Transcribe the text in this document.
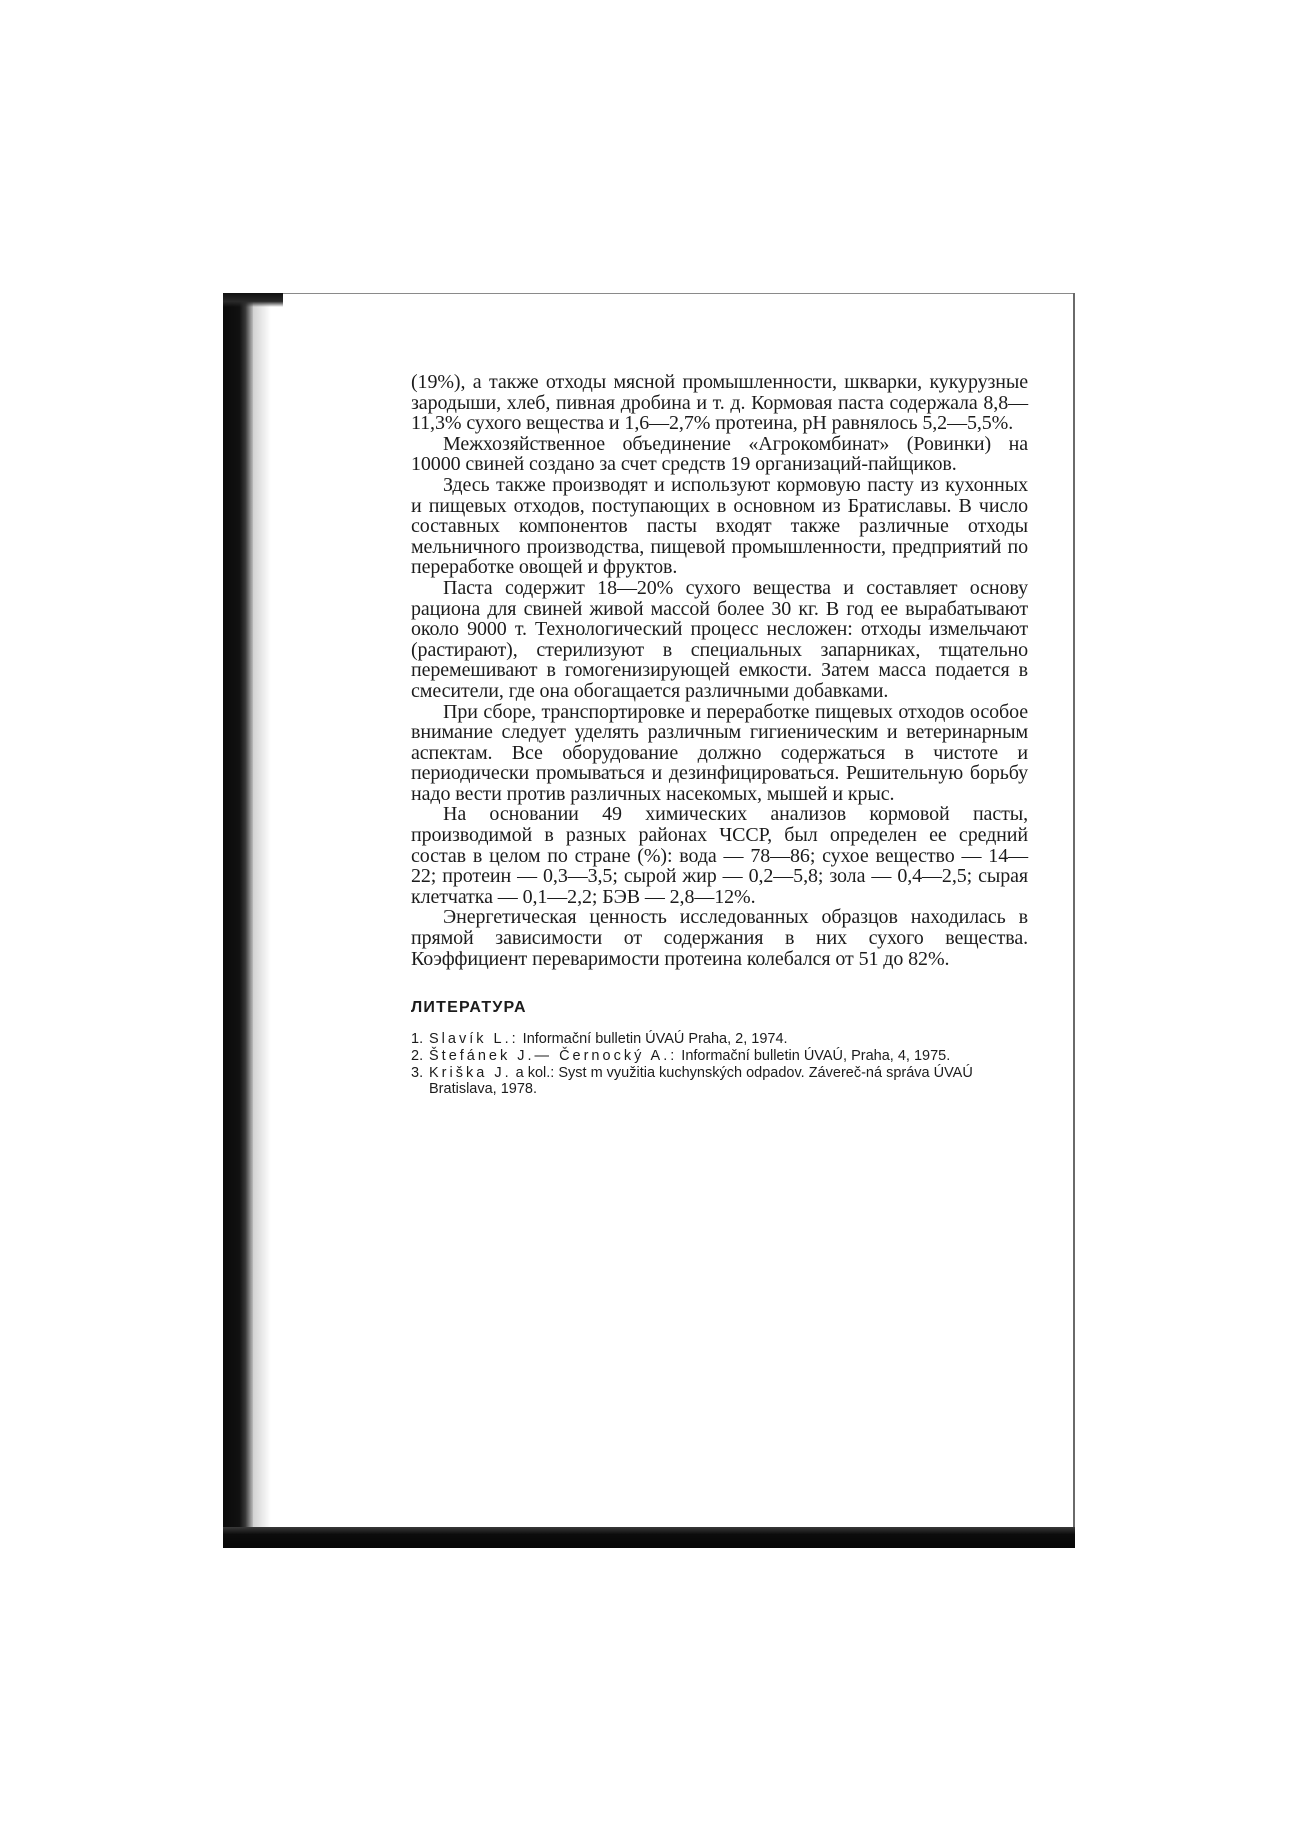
(19%), а также отходы мясной промышленности, шкварки, кукурузные зародыши, хлеб, пивная дробина и т. д. Кормовая паста содержала 8,8—11,3% сухого вещества и 1,6—2,7% протеина, pH равнялось 5,2—5,5%.

Межхозяйственное объединение «Агрокомбинат» (Ровинки) на 10000 свиней создано за счет средств 19 организаций-пайщиков.

Здесь также производят и используют кормовую пасту из кухонных и пищевых отходов, поступающих в основном из Братиславы. В число составных компонентов пасты входят также различные отходы мельничного производства, пищевой промышленности, предприятий по переработке овощей и фруктов.

Паста содержит 18—20% сухого вещества и составляет основу рациона для свиней живой массой более 30 кг. В год ее вырабатывают около 9000 т. Технологический процесс несложен: отходы измельчают (растирают), стерилизуют в специальных запарниках, тщательно перемешивают в гомогенизирующей емкости. Затем масса подается в смесители, где она обогащается различными добавками.

При сборе, транспортировке и переработке пищевых отходов особое внимание следует уделять различным гигиеническим и ветеринарным аспектам. Все оборудование должно содержаться в чистоте и периодически промываться и дезинфицироваться. Решительную борьбу надо вести против различных насекомых, мышей и крыс.

На основании 49 химических анализов кормовой пасты, производимой в разных районах ЧССР, был определен ее средний состав в целом по стране (%): вода — 78—86; сухое вещество — 14—22; протеин — 0,3—3,5; сырой жир — 0,2—5,8; зола — 0,4—2,5; сырая клетчатка — 0,1—2,2; БЭВ — 2,8—12%.

Энергетическая ценность исследованных образцов находилась в прямой зависимости от содержания в них сухого вещества. Коэффициент переваримости протеина колебался от 51 до 82%.

ЛИТЕРАТУРА
1. Slavík L.: Informační bulletin ÚVAÚ Praha, 2, 1974.
2. Štefánek J.— Černocký A.: Informační bulletin ÚVAÚ, Praha, 4, 1975.
3. Kriška J. a kol.: Syst m využitia kuchynských odpadov. Závereč-ná správa ÚVAÚ Bratislava, 1978.
